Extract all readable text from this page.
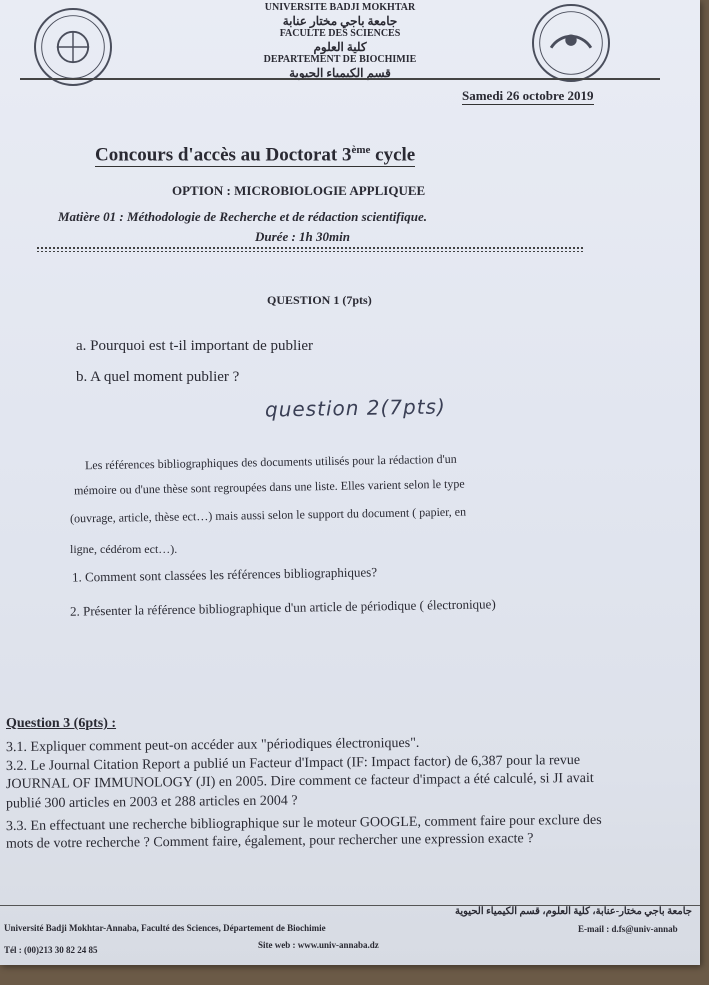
UNIVERSITE BADJI MOKHTAR
جامعة باجي مختار عنابة
FACULTE DES SCIENCES
كلية العلوم
DEPARTEMENT DE BIOCHIMIE
قسم الكيمياء الحيوية
Samedi 26 octobre 2019
Concours d'accès au Doctorat 3ème cycle
OPTION : MICROBIOLOGIE APPLIQUEE
Matière 01 : Méthodologie de Recherche et de rédaction scientifique.
Durée : 1h 30min
QUESTION 1 (7pts)
a. Pourquoi est t-il important de publier
b. A quel moment publier ?
question 2(7pts)
Les références bibliographiques des documents utilisés pour la rédaction d'un
mémoire ou d'une thèse sont regroupées dans une liste. Elles varient selon le type
(ouvrage, article, thèse ect…) mais aussi selon le support du document ( papier, en
ligne, cédérom ect…).
1. Comment sont classées les références bibliographiques?
2. Présenter la référence bibliographique d'un article de périodique ( électronique)
Question 3 (6pts) :
3.1. Expliquer comment peut-on accéder aux "périodiques électroniques".
3.2. Le Journal Citation Report a publié un Facteur d'Impact (IF: Impact factor) de 6,387 pour la revue
JOURNAL OF IMMUNOLOGY (JI) en 2005. Dire comment ce facteur d'impact a été calculé, si JI avait
publié 300 articles en 2003 et 288 articles en 2004 ?
3.3. En effectuant une recherche bibliographique sur le moteur GOOGLE, comment faire pour exclure des
mots de votre recherche ? Comment faire, également, pour rechercher une expression exacte ?
Université Badji Mokhtar-Annaba, Faculté des Sciences, Département de Biochimie
Tél : (00)213 30 82 24 85	Site web : www.univ-annaba.dz
جامعة باجي مختار-عنابة، كلية العلوم، قسم الكيمياء الحيوية
E-mail : d.fs@univ-annab
